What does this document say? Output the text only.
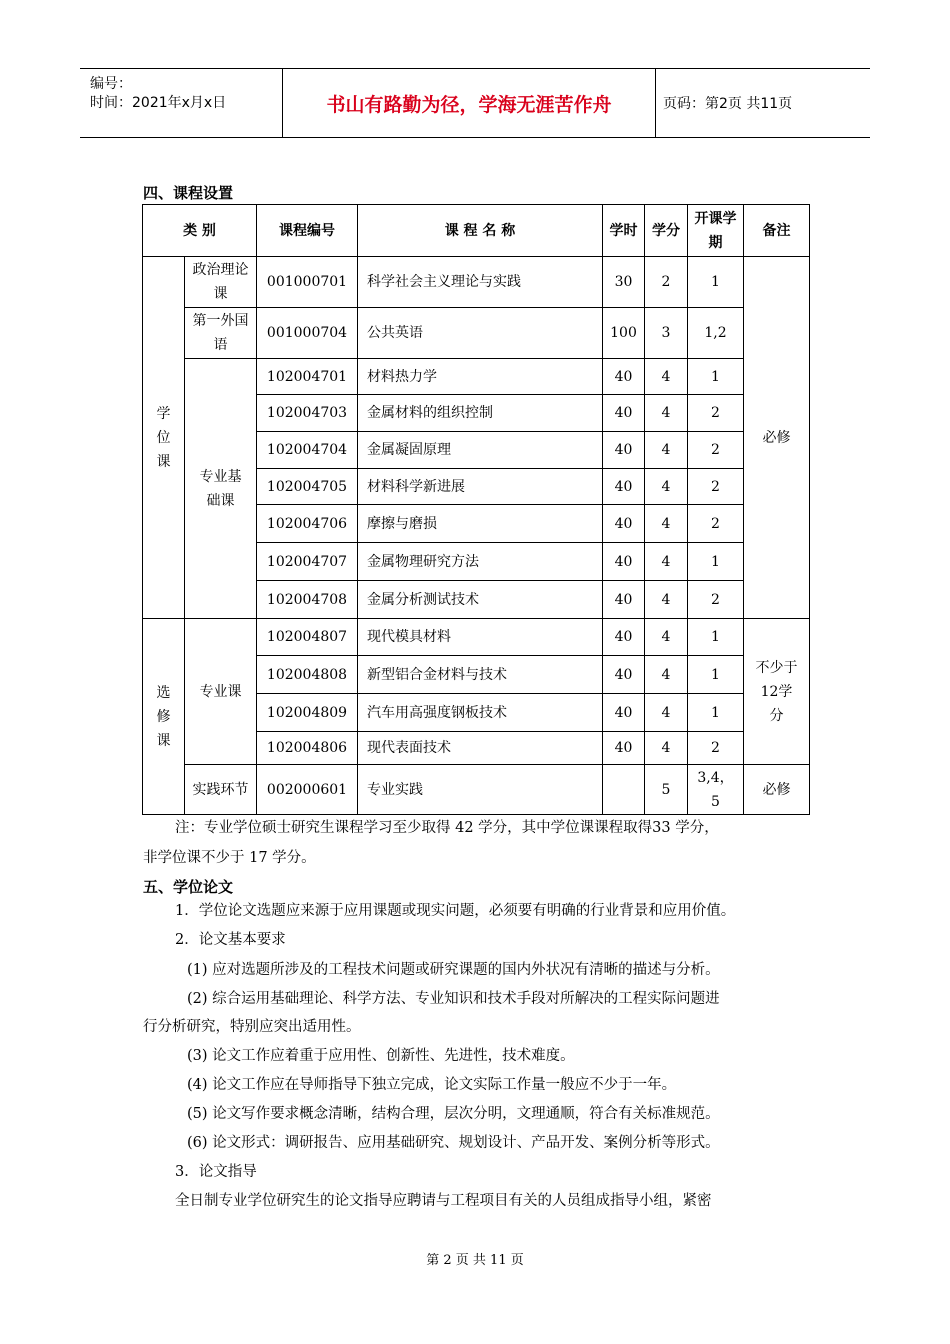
编号：
时间：2021年x月x日	书山有路勤为径，学海无涯苦作舟	页码：第2页 共11页
四、课程设置
类 别		课程编号	课 程 名 称	学时	学分	开课学期	备注
学位课	政治理论课	001000701	科学社会主义理论与实践	30	2	1	必修
	第一外国语	001000704	公共英语	100	3	1,2	
	专业基础课	102004701	材料热力学	40	4	1	
		102004703	金属材料的组织控制	40	4	2	
		102004704	金属凝固原理	40	4	2	
		102004705	材料科学新进展	40	4	2	
		102004706	摩擦与磨损	40	4	2	
		102004707	金属物理研究方法	40	4	1	
		102004708	金属分析测试技术	40	4	2	
选修课	专业课	102004807	现代模具材料	40	4	1	不少于12学分
		102004808	新型铝合金材料与技术	40	4	1	
		102004809	汽车用高强度钢板技术	40	4	1	
		102004806	现代表面技术	40	4	2	
	实践环节	002000601	专业实践		5	3,4，5	必修
注：专业学位硕士研究生课程学习至少取得 42 学分，其中学位课课程取得33 学分，
非学位课不少于 17 学分。
五、学位论文
1．学位论文选题应来源于应用课题或现实问题，必须要有明确的行业背景和应用价值。
2．论文基本要求
(1) 应对选题所涉及的工程技术问题或研究课题的国内外状况有清晰的描述与分析。
(2) 综合运用基础理论、科学方法、专业知识和技术手段对所解决的工程实际问题进
行分析研究，特别应突出适用性。
(3) 论文工作应着重于应用性、创新性、先进性，技术难度。
(4) 论文工作应在导师指导下独立完成，论文实际工作量一般应不少于一年。
(5) 论文写作要求概念清晰，结构合理，层次分明，文理通顺，符合有关标准规范。
(6) 论文形式：调研报告、应用基础研究、规划设计、产品开发、案例分析等形式。
3．论文指导
全日制专业学位研究生的论文指导应聘请与工程项目有关的人员组成指导小组，紧密
第 2 页 共 11 页
